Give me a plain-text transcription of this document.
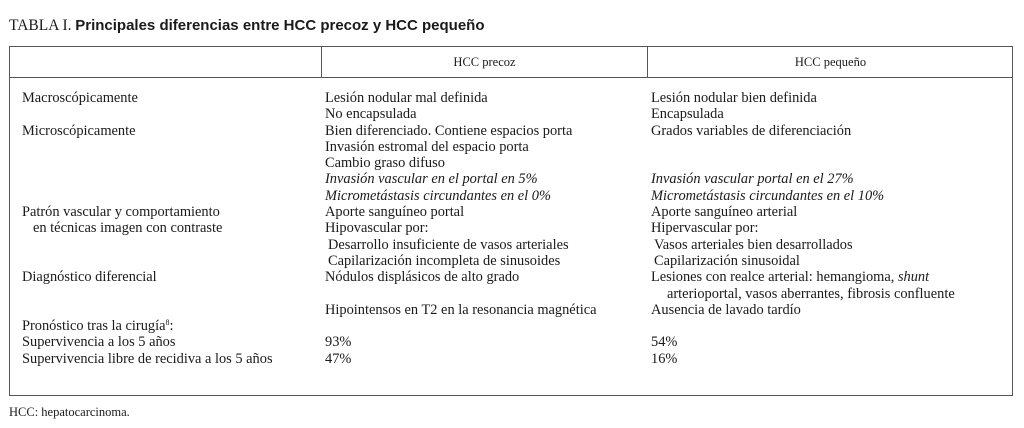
TABLA I. Principales diferencias entre HCC precoz y HCC pequeño
HCC precoz	HCC pequeño
Macroscópicamente
Microscópicamente
Patrón vascular y comportamiento
en técnicas imagen con contraste
Diagnóstico diferencial
Pronóstico tras la cirugía$^8$:
Supervivencia a los 5 años
Supervivencia libre de recidiva a los 5 años
Lesión nodular mal definida
No encapsulada
Bien diferenciado. Contiene espacios porta
Invasión estromal del espacio porta
Cambio graso difuso
Invasión vascular en el portal en 5%
Micrometástasis circundantes en el 0%
Aporte sanguíneo portal
Hipovascular por:
Desarrollo insuficiente de vasos arteriales
Capilarización incompleta de sinusoides
Nódulos displásicos de alto grado
Hipointensos en T2 en la resonancia magnética
93%
47%
Lesión nodular bien definida
Encapsulada
Grados variables de diferenciación
Invasión vascular portal en el 27%
Micrometástasis circundantes en el 10%
Aporte sanguíneo arterial
Hipervascular por:
Vasos arteriales bien desarrollados
Capilarización sinusoidal
Lesiones con realce arterial: hemangioma, shunt
arterioportal, vasos aberrantes, fibrosis confluente
Ausencia de lavado tardío
54%
16%
HCC: hepatocarcinoma.
